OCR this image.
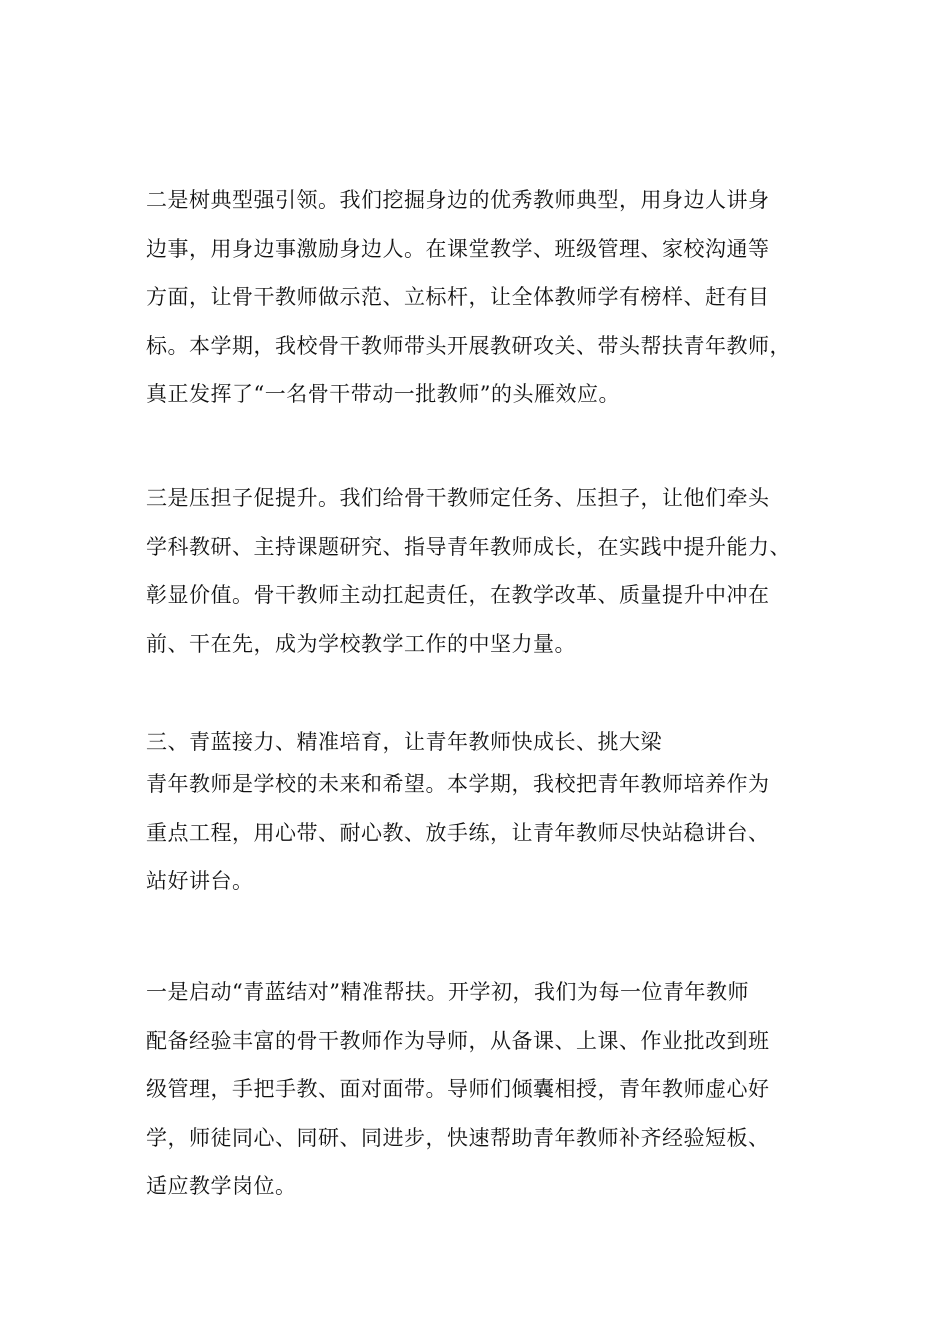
二是树典型强引领。我们挖掘身边的优秀教师典型，用身边人讲身
边事，用身边事激励身边人。在课堂教学、班级管理、家校沟通等
方面，让骨干教师做示范、立标杆，让全体教师学有榜样、赶有目
标。本学期，我校骨干教师带头开展教研攻关、带头帮扶青年教师，
真正发挥了“一名骨干带动一批教师”的头雁效应。
三是压担子促提升。我们给骨干教师定任务、压担子，让他们牵头
学科教研、主持课题研究、指导青年教师成长，在实践中提升能力、
彰显价值。骨干教师主动扛起责任，在教学改革、质量提升中冲在
前、干在先，成为学校教学工作的中坚力量。
三、青蓝接力、精准培育，让青年教师快成长、挑大梁
青年教师是学校的未来和希望。本学期，我校把青年教师培养作为
重点工程，用心带、耐心教、放手练，让青年教师尽快站稳讲台、
站好讲台。
一是启动“青蓝结对”精准帮扶。开学初，我们为每一位青年教师
配备经验丰富的骨干教师作为导师，从备课、上课、作业批改到班
级管理，手把手教、面对面带。导师们倾囊相授，青年教师虚心好
学，师徒同心、同研、同进步，快速帮助青年教师补齐经验短板、
适应教学岗位。
